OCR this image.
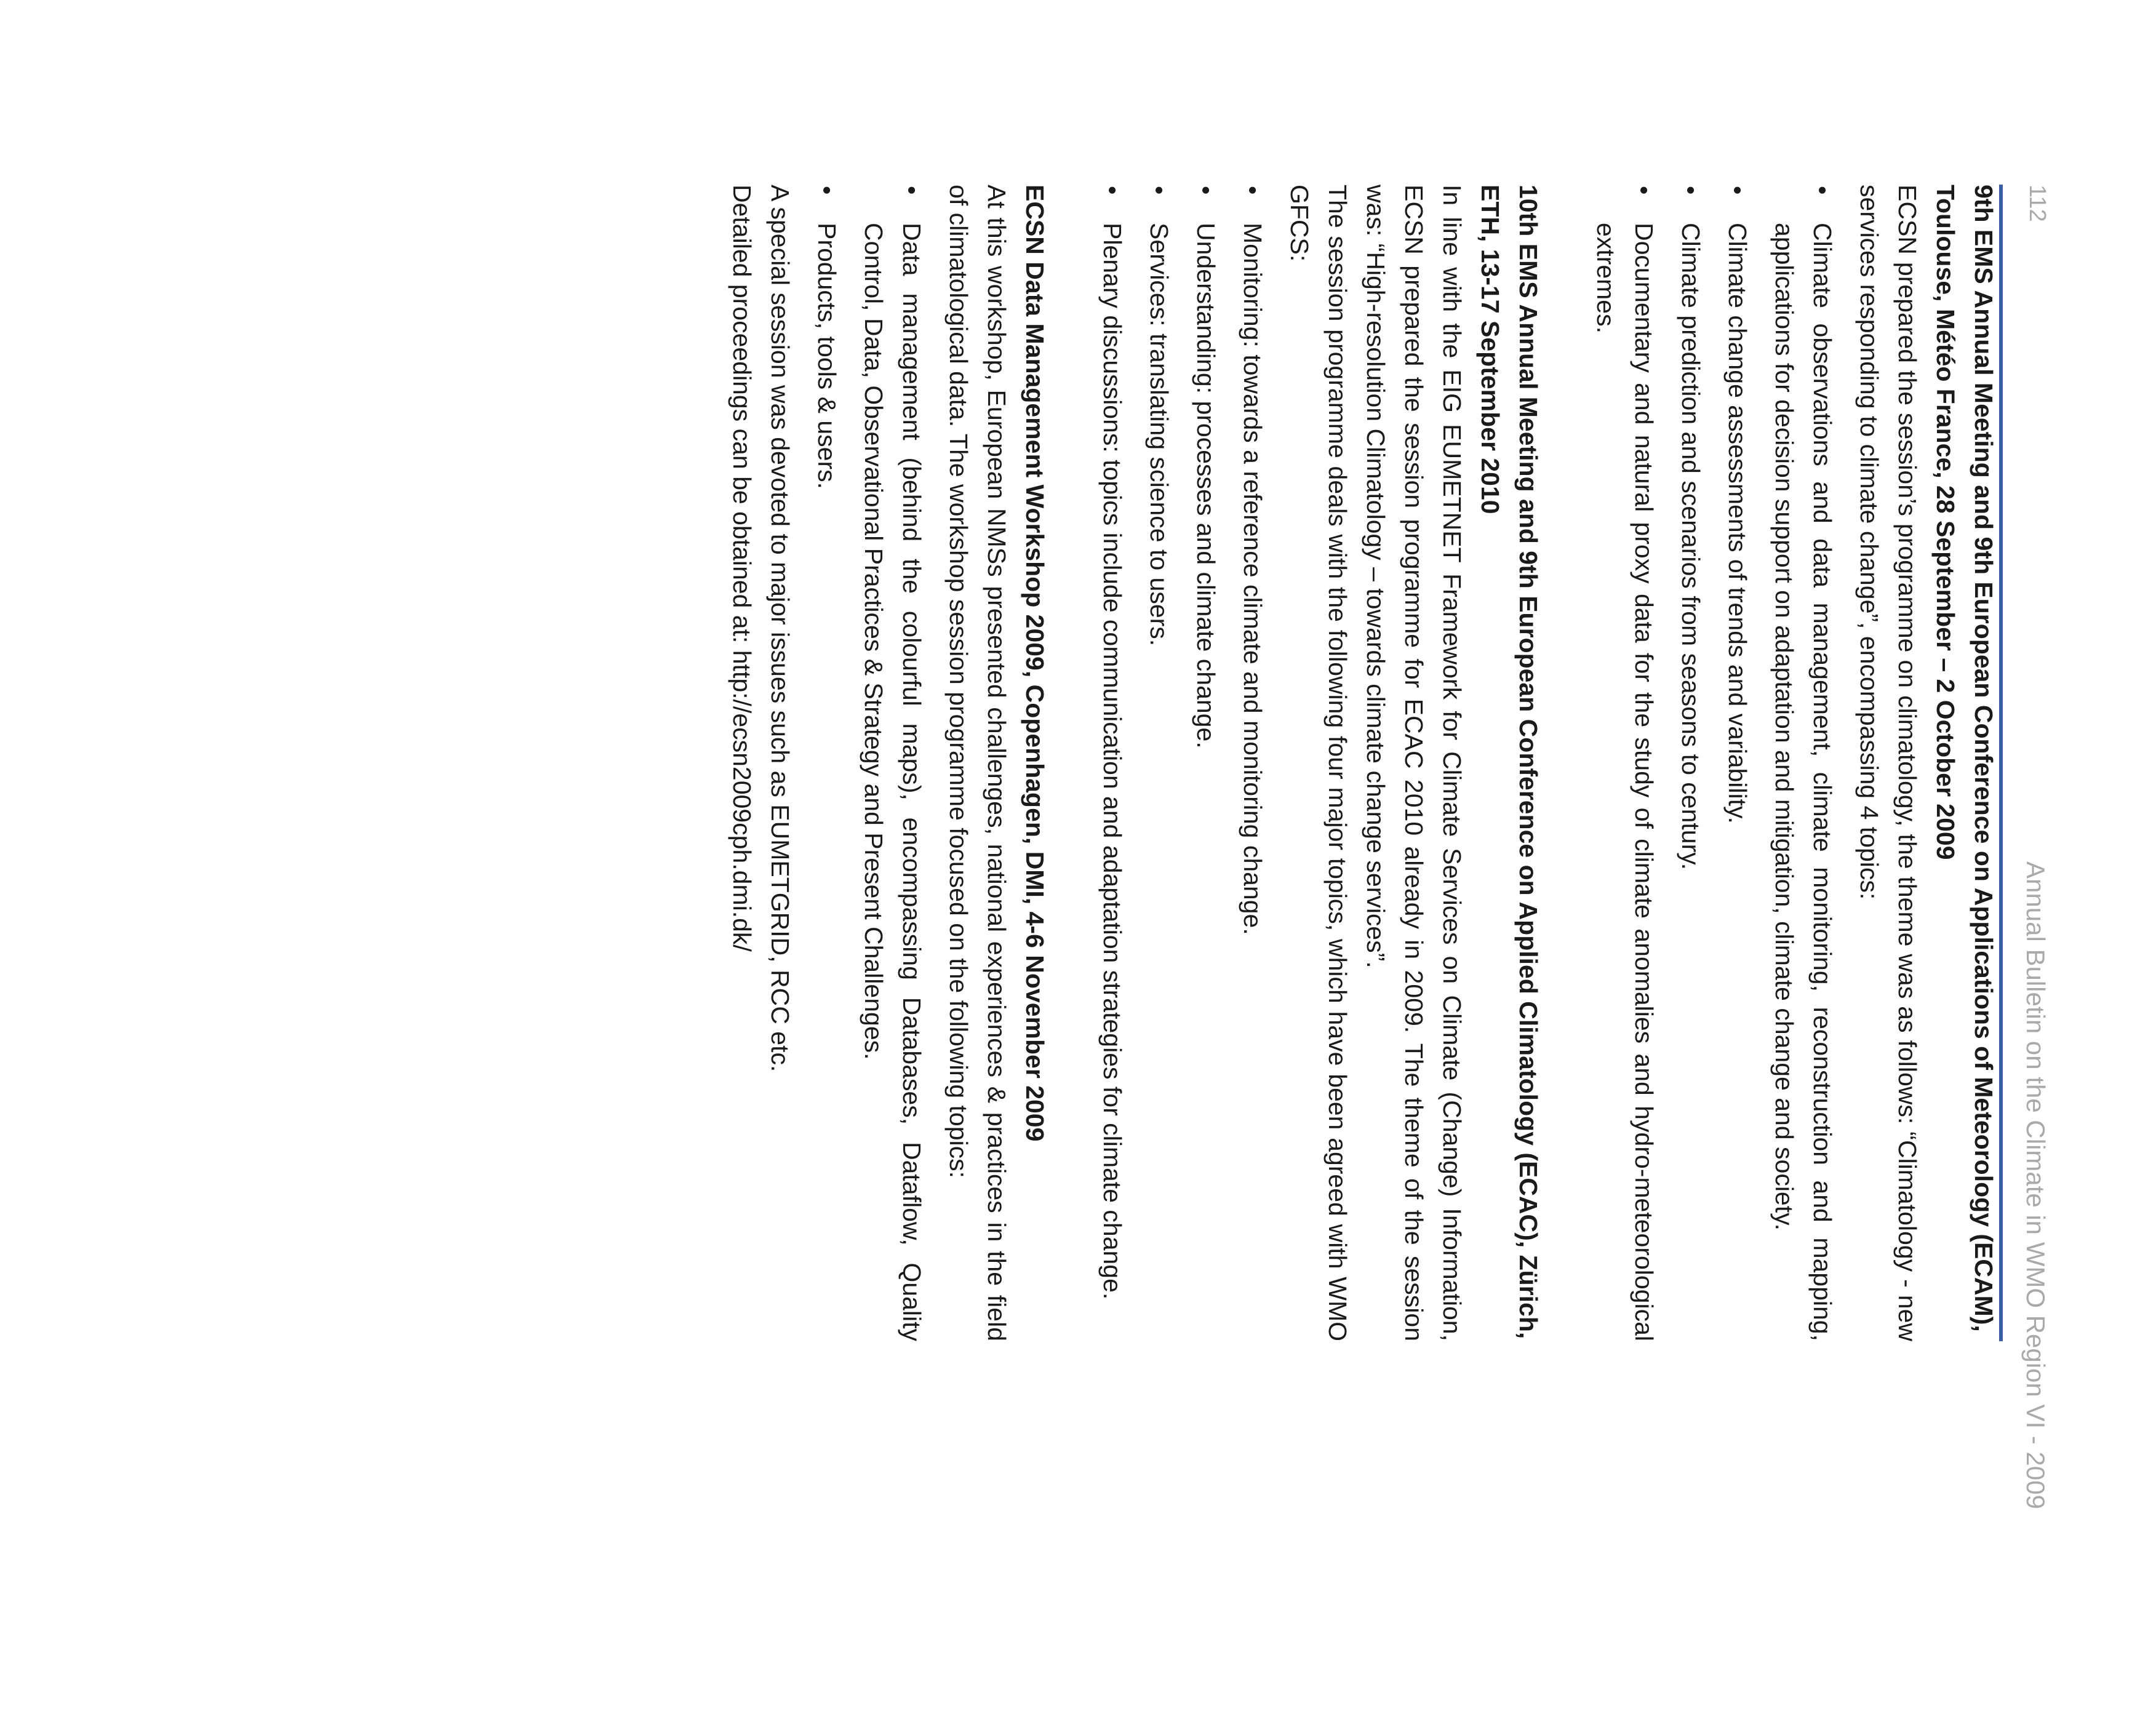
112
Annual Bulletin on the Climate in WMO Region VI - 2009

9th EMS Annual Meeting and 9th European Conference on Applications of Meteorology (ECAM), Toulouse, Météo France, 28 September – 2 October 2009

ECSN prepared the session’s programme on climatology, the theme was as follows: “Climatology - new services responding to climate change”, encompassing 4 topics:

•
Climate observations and data management, climate monitoring, reconstruction and mapping, applications for decision support on adaptation and mitigation, climate change and society.
•
Climate change assessments of trends and variability.
•
Climate prediction and scenarios from seasons to century.
•
Documentary and natural proxy data for the study of climate anomalies and hydro-meteorological extremes.

10th EMS Annual Meeting and 9th European Conference on Applied Climatology (ECAC), Zürich, ETH, 13-17 September 2010

In line with the EIG EUMETNET Framework for Climate Services on Climate (Change) Information, ECSN prepared the session programme for ECAC 2010 already in 2009. The theme of the session was: “High-resolution Climatology – towards climate change services”.

The session programme deals with the following four major topics, which have been agreed with WMO GFCS:

•
Monitoring: towards a reference climate and monitoring change.
•
Understanding: processes and climate change.
•
Services: translating science to users.
•
Plenary discussions: topics include communication and adaptation strategies for climate change.

ECSN Data Management Workshop 2009, Copenhagen, DMI, 4-6 November 2009

At this workshop, European NMSs presented challenges, national experiences & practices in the field of climatological data. The workshop session programme focused on the following topics:

•
Data management (behind the colourful maps), encompassing Databases, Dataflow, Quality Control, Data, Observational Practices & Strategy and Present Challenges.
•
Products, tools & users.

A special session was devoted to major issues such as EUMETGRID, RCC etc.

Detailed proceedings can be obtained at: http://ecsn2009cph.dmi.dk/
